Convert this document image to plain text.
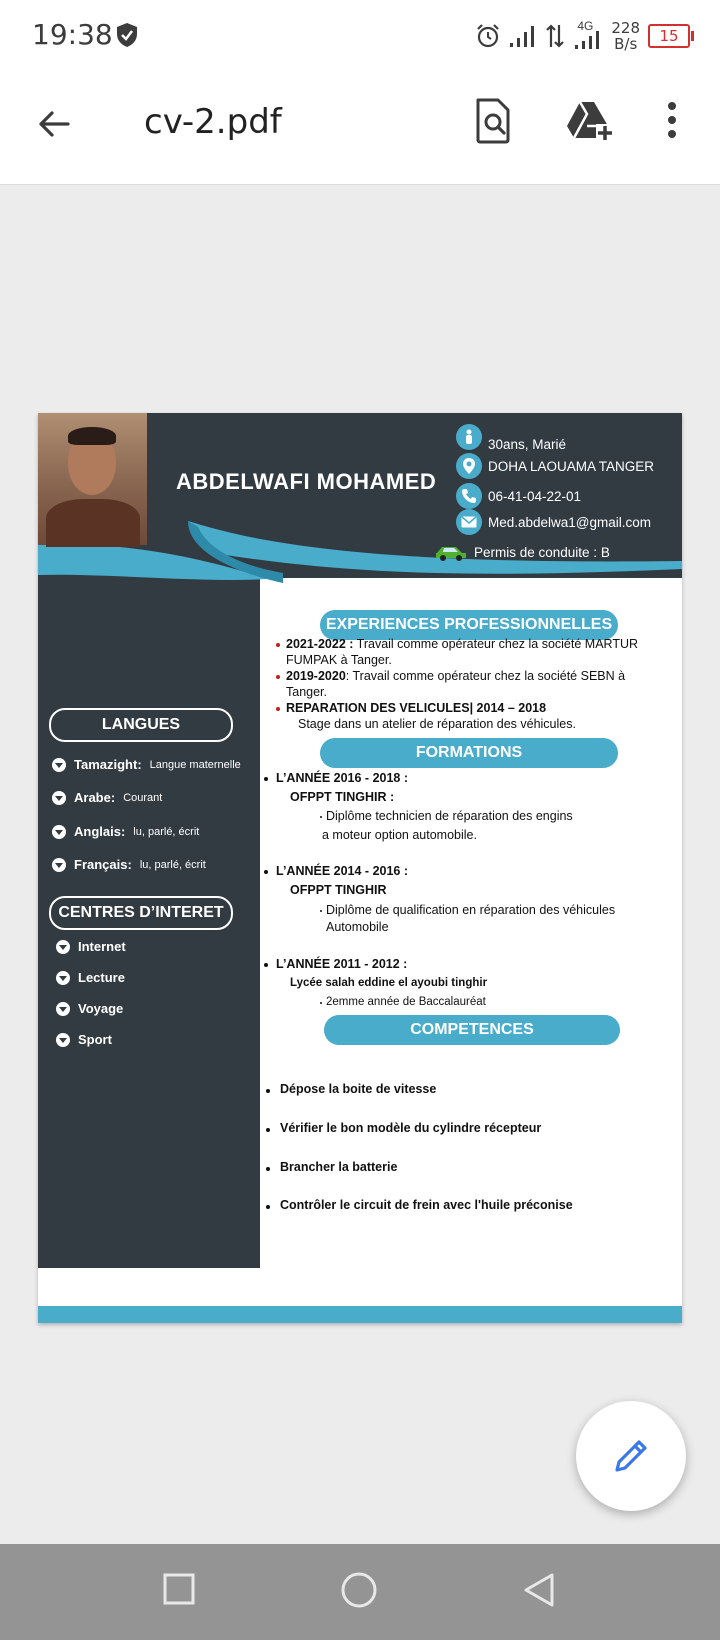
19:38	4G 228
B/s	15
cv-2.pdf
ABDELWAFI MOHAMED
30ans, Marié
DOHA LAOUAMA TANGER
06-41-04-22-01
Med.abdelwa1@gmail.com
Permis de conduite : B
LANGUES
Tamazight: Langue maternelle
Arabe: Courant
Anglais: lu, parlé, écrit
Français: lu, parlé, écrit
CENTRES D’INTERET
Internet
Lecture
Voyage
Sport
EXPERIENCES PROFESSIONNELLES
2021-2022 : Travail comme opérateur chez la société MARTUR
FUMPAK à Tanger.
2019-2020: Travail comme opérateur chez la société SEBN à
Tanger.
REPARATION DES VELICULES| 2014 – 2018
Stage dans un atelier de réparation des véhicules.
FORMATIONS
L’ANNÉE 2016 - 2018 :
OFPPT TINGHIR :
Diplôme technicien de réparation des engins
a moteur option automobile.
L’ANNÉE 2014 - 2016 :
OFPPT TINGHIR
Diplôme de qualification en réparation des véhicules
Automobile
L’ANNÉE 2011 - 2012 :
Lycée salah eddine el ayoubi tinghir
2emme année de Baccalauréat
COMPETENCES
Dépose la boite de vitesse
Vérifier le bon modèle du cylindre récepteur
Brancher la batterie
Contrôler le circuit de frein avec l'huile préconise
